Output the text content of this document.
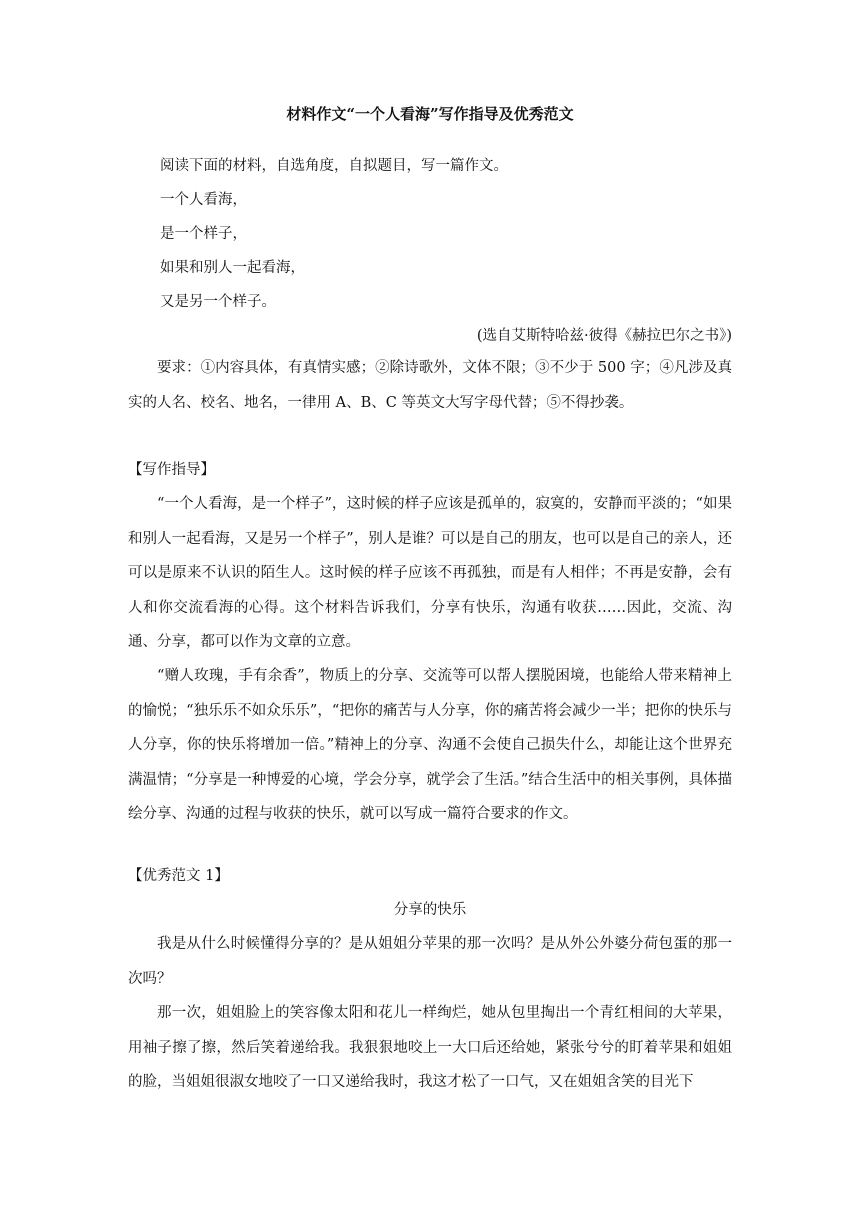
材料作文“一个人看海”写作指导及优秀范文
阅读下面的材料，自选角度，自拟题目，写一篇作文。
一个人看海，
是一个样子，
如果和别人一起看海，
又是另一个样子。
(选自艾斯特哈兹·彼得《赫拉巴尔之书》)

要求：①内容具体，有真情实感；②除诗歌外，文体不限；③不少于 500 字；④凡涉及真实的人名、校名、地名，一律用 A、B、C 等英文大写字母代替；⑤不得抄袭。

【写作指导】

“一个人看海，是一个样子”，这时候的样子应该是孤单的，寂寞的，安静而平淡的；“如果和别人一起看海，又是另一个样子”，别人是谁？可以是自己的朋友，也可以是自己的亲人，还可以是原来不认识的陌生人。这时候的样子应该不再孤独，而是有人相伴；不再是安静，会有人和你交流看海的心得。这个材料告诉我们，分享有快乐，沟通有收获……因此，交流、沟通、分享，都可以作为文章的立意。

“赠人玫瑰，手有余香”，物质上的分享、交流等可以帮人摆脱困境，也能给人带来精神上的愉悦；“独乐乐不如众乐乐”，“把你的痛苦与人分享，你的痛苦将会减少一半；把你的快乐与人分享，你的快乐将增加一倍。”精神上的分享、沟通不会使自己损失什么，却能让这个世界充满温情；“分享是一种博爱的心境，学会分享，就学会了生活。”结合生活中的相关事例，具体描绘分享、沟通的过程与收获的快乐，就可以写成一篇符合要求的作文。

【优秀范文 1】
分享的快乐

我是从什么时候懂得分享的？是从姐姐分苹果的那一次吗？是从外公外婆分荷包蛋的那一次吗？

那一次，姐姐脸上的笑容像太阳和花儿一样绚烂，她从包里掏出一个青红相间的大苹果，用袖子擦了擦，然后笑着递给我。我狠狠地咬上一大口后还给她，紧张兮兮的盯着苹果和姐姐的脸，当姐姐很淑女地咬了一口又递给我时，我这才松了一口气，又在姐姐含笑的目光下
